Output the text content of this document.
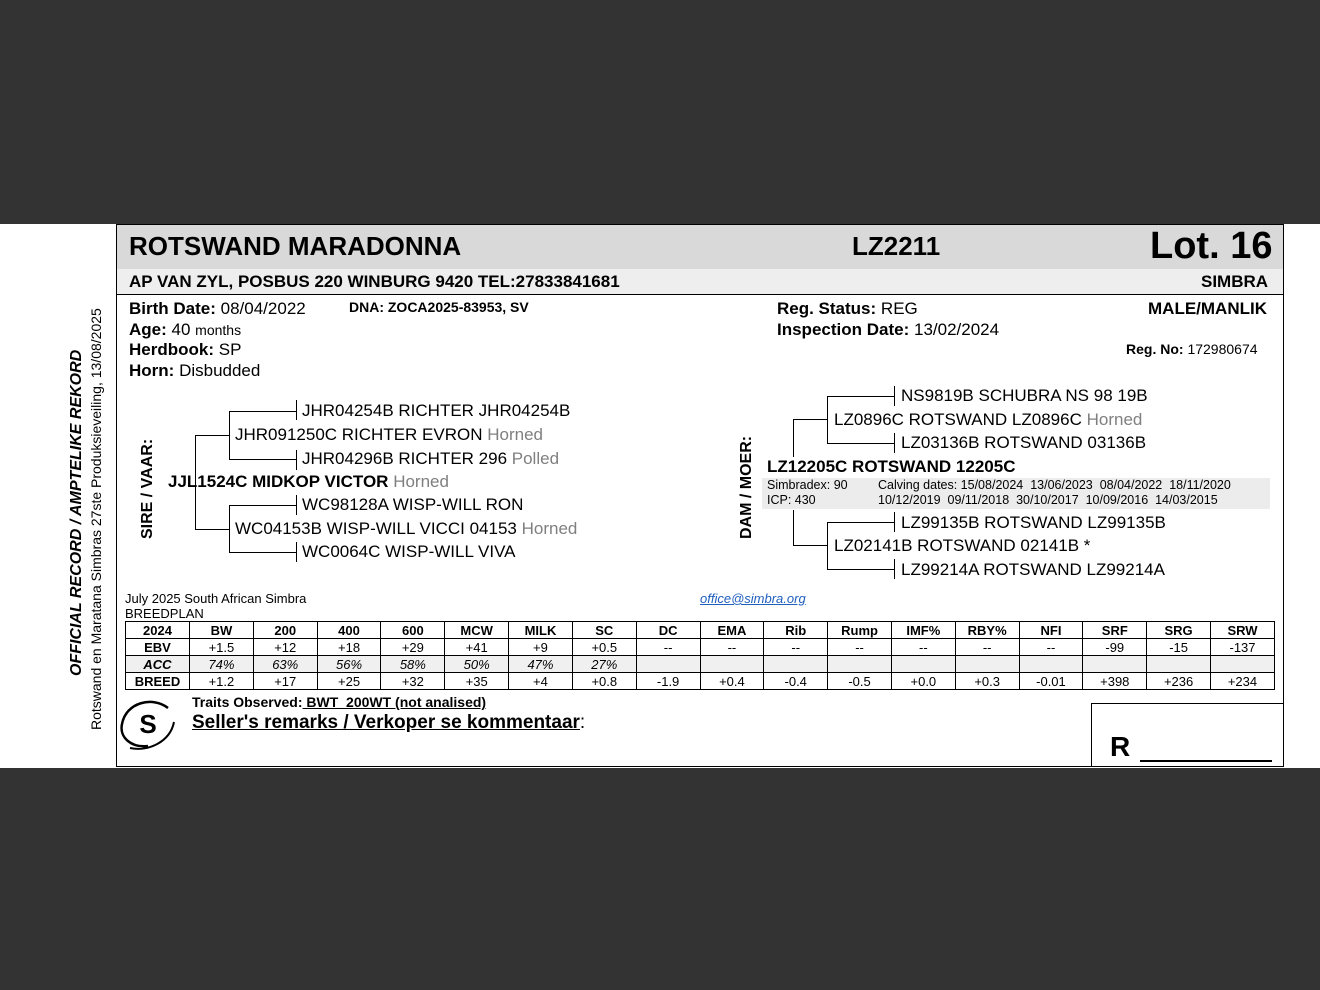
OFFICIAL RECORD / AMPTELIKE REKORD Rotswand en Maratana Simbras 27ste Produksieveiling, 13/08/2025
ROTSWAND MARADONNA	LZ2211	Lot. 16
AP VAN ZYL, POSBUS 220 WINBURG 9420 TEL:27833841681	SIMBRA
Birth Date: 08/04/2022	DNA: ZOCA2025-83953, SV
Age: 40 months
Herdbook: SP
Horn: Disbudded
Reg. Status: REG
Inspection Date: 13/02/2024
MALE/MANLIK
Reg. No: 172980674
SIRE / VAAR:
JHR04254B RICHTER JHR04254B
JHR091250C RICHTER EVRON Horned
JHR04296B RICHTER 296 Polled
JJL1524C MIDKOP VICTOR Horned
WC98128A WISP-WILL RON
WC04153B WISP-WILL VICCI 04153 Horned
WC0064C WISP-WILL VIVA
DAM / MOER:
NS9819B SCHUBRA NS 98 19B
LZ0896C ROTSWAND LZ0896C Horned
LZ03136B ROTSWAND 03136B
LZ12205C ROTSWAND 12205C
Simbradex: 90
ICP: 430
Calving dates: 15/08/2024  13/06/2023  08/04/2022  18/11/2020
10/12/2019  09/11/2018  30/10/2017  10/09/2016  14/03/2015
LZ99135B ROTSWAND LZ99135B
LZ02141B ROTSWAND 02141B *
LZ99214A ROTSWAND LZ99214A
July 2025 South African Simbra
BREEDPLAN
office@simbra.org
2024	BW	200	400	600	MCW	MILK	SC	DC	EMA	Rib	Rump	IMF%	RBY%	NFI	SRF	SRG	SRW
EBV	+1.5	+12	+18	+29	+41	+9	+0.5	--	--	--	--	--	--	--	-99	-15	-137
ACC	74%	63%	56%	58%	50%	47%	27%										
BREED	+1.2	+17	+25	+32	+35	+4	+0.8	-1.9	+0.4	-0.4	-0.5	+0.0	+0.3	-0.01	+398	+236	+234
S
Traits Observed: BWT  200WT (not analised)
Seller's remarks / Verkoper se kommentaar:
R
